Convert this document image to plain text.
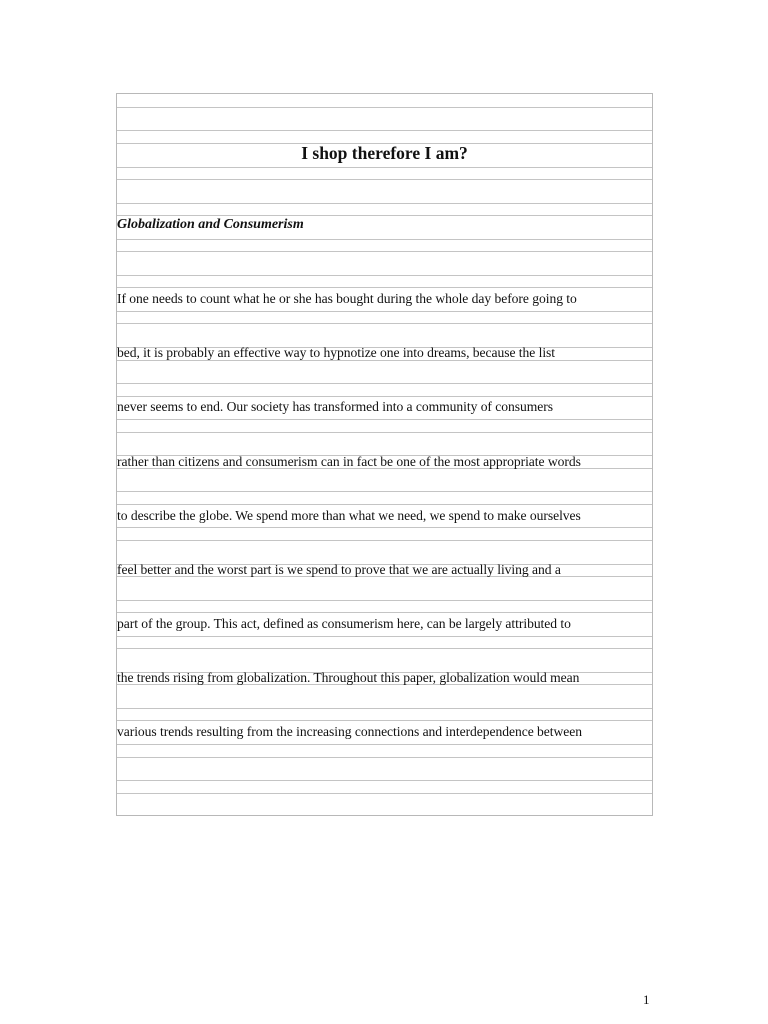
I shop therefore I am?
Globalization and Consumerism
If one needs to count what he or she has bought during the whole day before going to
bed, it is probably an effective way to hypnotize one into dreams, because the list
never seems to end. Our society has transformed into a community of consumers
rather than citizens and consumerism can in fact be one of the most appropriate words
to describe the globe. We spend more than what we need, we spend to make ourselves
feel better and the worst part is we spend to prove that we are actually living and a
part of the group. This act, defined as consumerism here, can be largely attributed to
the trends rising from globalization. Throughout this paper, globalization would mean
various trends resulting from the increasing connections and interdependence between
1
